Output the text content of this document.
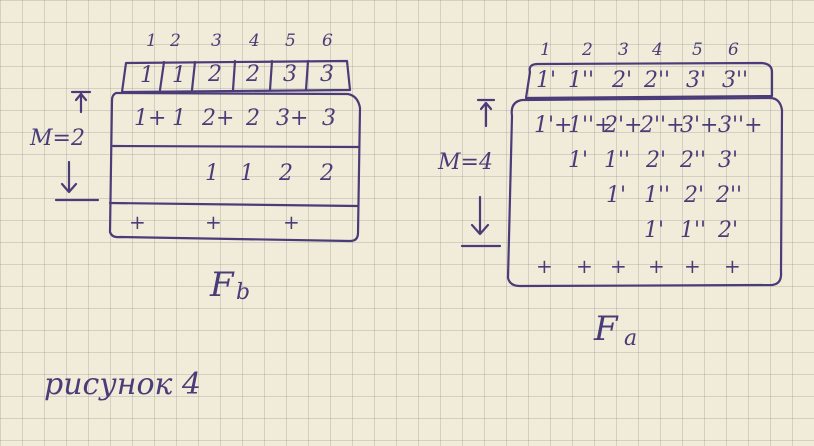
1 2 3 4 5 6
1 1 2 2 3 3
1+ 1 2+ 2 3+ 3
1 1 2 2
+	+	+
M=2
F b
1 2 3 4 5 6
1' 1'' 2' 2'' 3' 3''
1'+
1''+
2'+
2''+
3'+ 3''+
1' 1'' 2' 2'' 3'
1' 1'' 2' 2''
1' 1'' 2'
+ + + + + +
M=4
F a
рисунок 4
